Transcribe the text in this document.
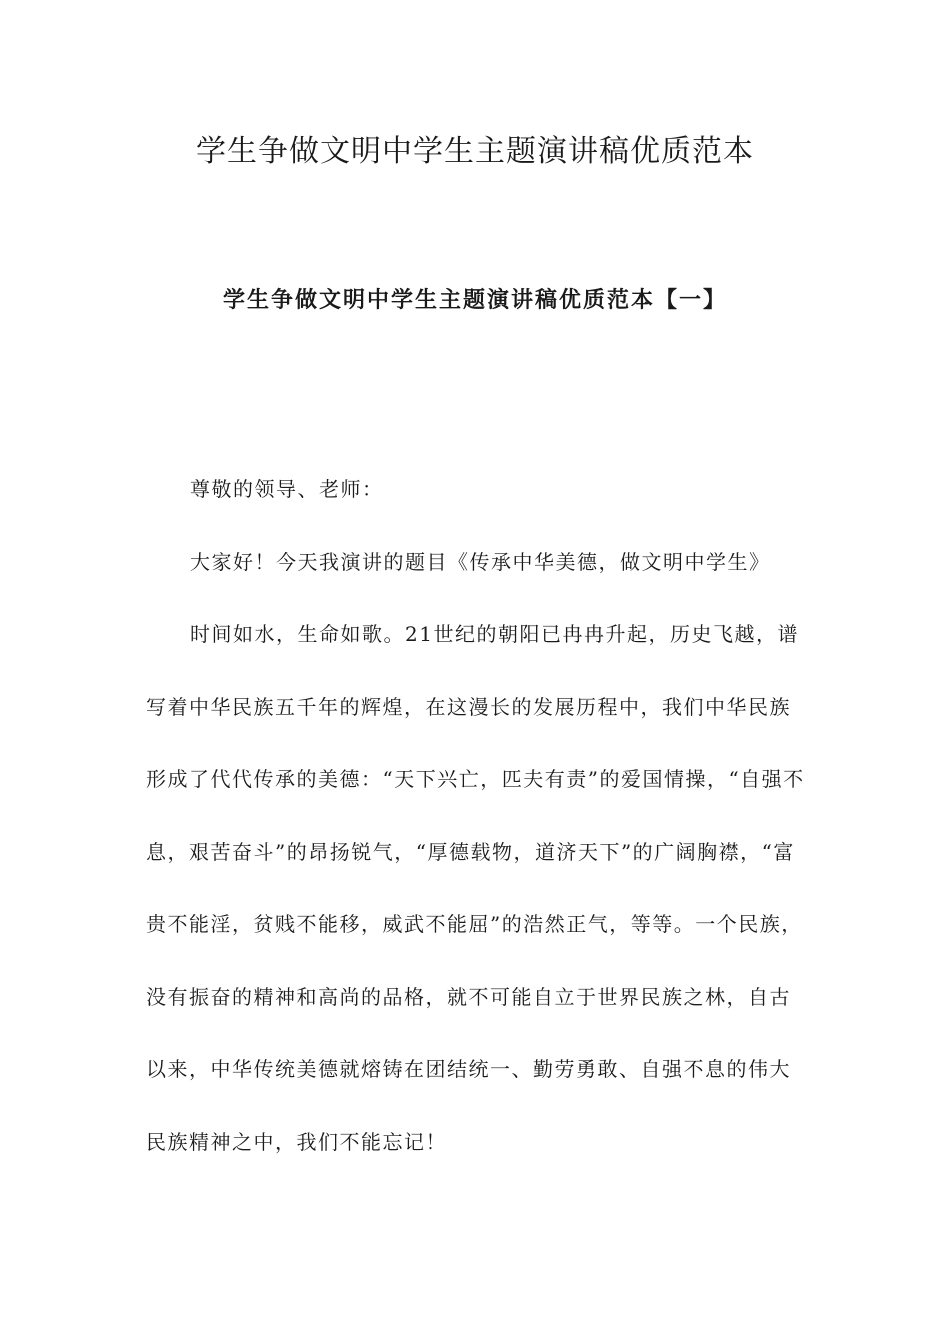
学生争做文明中学生主题演讲稿优质范本
学生争做文明中学生主题演讲稿优质范本【一】

尊敬的领导、老师：

大家好！今天我演讲的题目《传承中华美德，做文明中学生》

时间如水，生命如歌。21世纪的朝阳已冉冉升起，历史飞越，谱写着中华民族五千年的辉煌，在这漫长的发展历程中，我们中华民族形成了代代传承的美德：“天下兴亡，匹夫有责”的爱国情操，“自强不息，艰苦奋斗”的昂扬锐气，“厚德载物，道济天下”的广阔胸襟，“富贵不能淫，贫贱不能移，威武不能屈”的浩然正气，等等。一个民族，没有振奋的精神和高尚的品格，就不可能自立于世界民族之林，自古以来，中华传统美德就熔铸在团结统一、勤劳勇敢、自强不息的伟大民族精神之中，我们不能忘记！
